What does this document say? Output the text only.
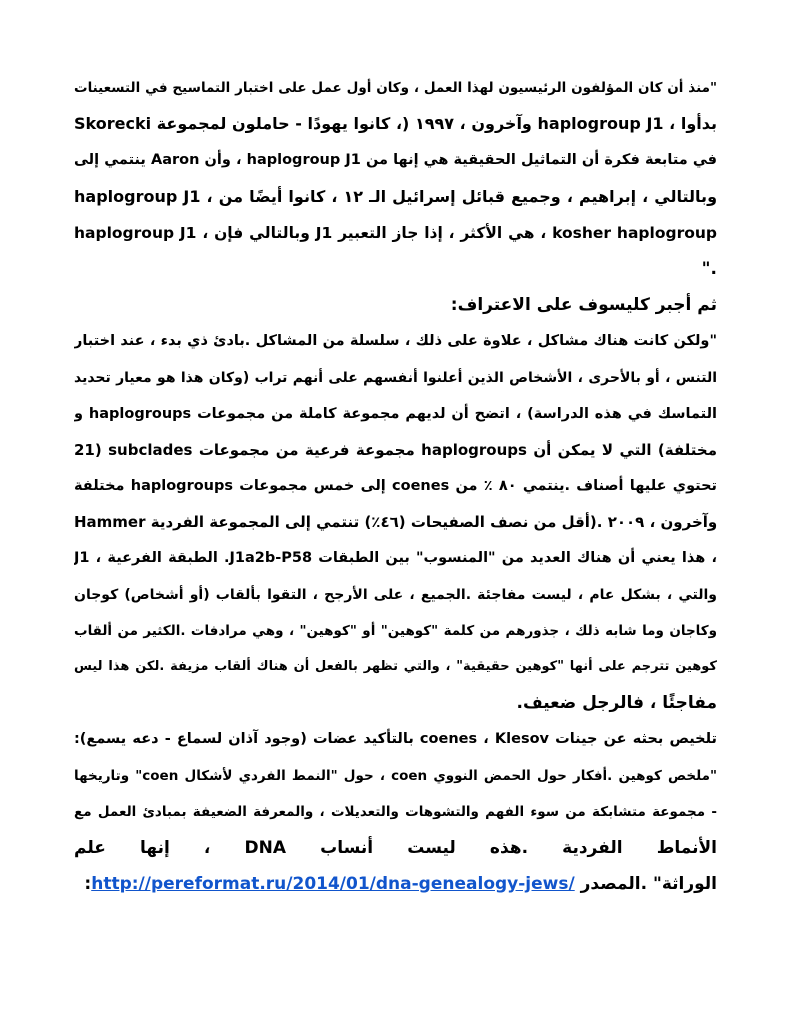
"منذ أن كان المؤلفون الرئيسيون لهذا العمل ، وكان أول عمل على اختبار التماسيح في التسعينات
Skorecki وآخرون ، ١٩٩٧ (، كانوا يهودًا - حاملون لمجموعة haplogroup J1 ، بدأوا
في متابعة فكرة أن التماثيل الحقيقية هي إنها من haplogroup J1 ، وأن Aaron ينتمي إلى
haplogroup J1 ، وبالتالي ، إبراهيم ، وجميع قبائل إسرائيل الـ ١٢ ، كانوا أيضًا من
haplogroup J1 ، وبالتالي فإن J1 هي الأكثر ، إذا جاز التعبير ، kosher haplogroup
".
ثم أجبر كليسوف على الاعتراف:
"ولكن كانت هناك مشاكل ، علاوة على ذلك ، سلسلة من المشاكل .بادئ ذي بدء ، عند اختبار
التنس ، أو بالأحرى ، الأشخاص الذين أعلنوا أنفسهم على أنهم تراب (وكان هذا هو معيار تحديد
التماسك في هذه الدراسة) ، اتضح أن لديهم مجموعة كاملة من مجموعات haplogroups و
21) subclades مجموعة فرعية من مجموعات haplogroups مختلفة) التي لا يمكن أن
تحتوي عليها أصناف .ينتمي ٨٠ ٪ من coenes إلى خمس مجموعات haplogroups مختلفة
Hammer وآخرون ، ٢٠٠٩ .(أقل من نصف الصفيحات (٤٦٪) تنتمي إلى المجموعة الفردية
J1 ، الطبقة الفرعية .J1a2b-P58 هذا يعني أن هناك العديد من "المنسوب" بين الطبقات ،
والتي ، بشكل عام ، ليست مفاجئة .الجميع ، على الأرجح ، التقوا بألقاب (أو أشخاص) كوجان
وكاجان وما شابه ذلك ، جذورهم من كلمة "كوهين" أو "كوهين" ، وهي مرادفات .الكثير من ألقاب
كوهين تترجم على أنها "كوهين حقيقية" ، والتي تظهر بالفعل أن هناك ألقاب مزيفة .لكن هذا ليس
مفاجئًا ، فالرجل ضعيف.
تلخيص بحثه عن جينات coenes ، Klesov بالتأكيد عضات (وجود آذان لسماع - دعه يسمع):
"ملخص كوهين .أفكار حول الحمض النووي coen ، حول "النمط الفردي لأشكال coen" وتاريخها
- مجموعة متشابكة من سوء الفهم والتشوهات والتعديلات ، والمعرفة الضعيفة بمبادئ العمل مع
الأنماط الفردية .هذه ليست أنساب DNA ، إنها علم
الوراثة" .المصدر http://pereformat.ru/2014/01/dna-genealogy-jews/:
